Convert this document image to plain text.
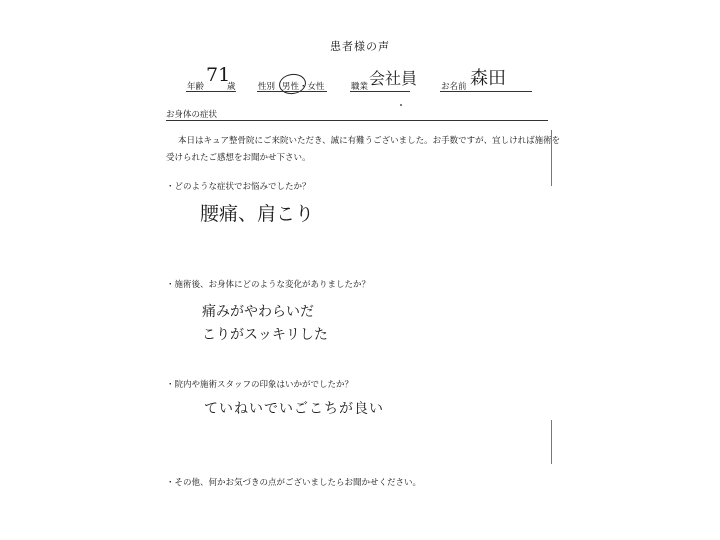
患者様の声
年齢
71
歳	性別 男性・女性	職業 会社員	お名前 森田
お身体の症状
本日はキュア整骨院にご来院いただき、誠に有難うございました。お手数ですが、宜しければ施術を
受けられたご感想をお聞かせ下さい。
・どのような症状でお悩みでしたか？
腰痛、肩こり
・施術後、お身体にどのような変化がありましたか？
痛みがやわらいだ
こりがスッキリした
・院内や施術スタッフの印象はいかがでしたか？
ていねいでいごこちが良い
・その他、何かお気づきの点がございましたらお聞かせください。
